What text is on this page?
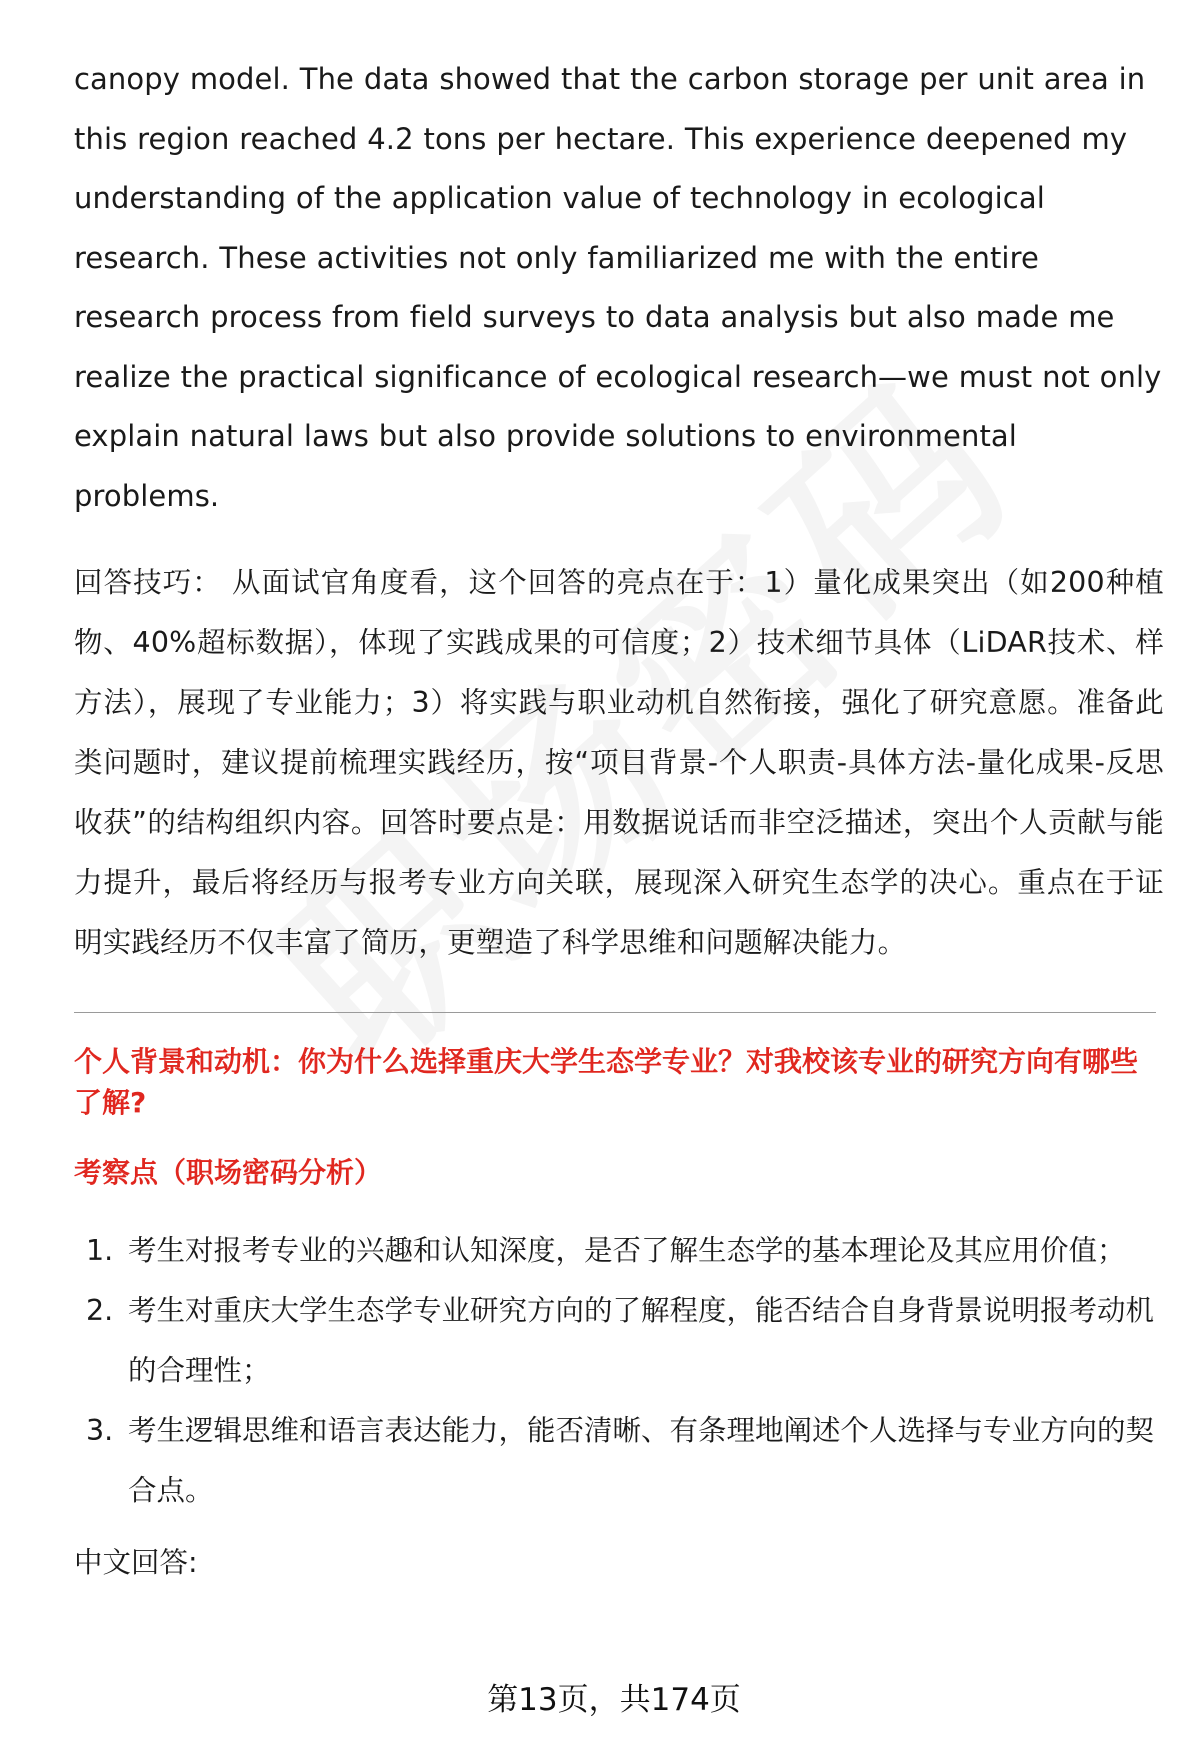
canopy model. The data showed that the carbon storage per unit area in this region reached 4.2 tons per hectare. This experience deepened my understanding of the application value of technology in ecological research. These activities not only familiarized me with the entire research process from field surveys to data analysis but also made me realize the practical significance of ecological research—we must not only explain natural laws but also provide solutions to environmental problems.

回答技巧： 从面试官角度看，这个回答的亮点在于：1）量化成果突出（如200种植物、40%超标数据），体现了实践成果的可信度；2）技术细节具体（LiDAR技术、样方法），展现了专业能力；3）将实践与职业动机自然衔接，强化了研究意愿。准备此类问题时，建议提前梳理实践经历，按“项目背景-个人职责-具体方法-量化成果-反思收获”的结构组织内容。回答时要点是：用数据说话而非空泛描述，突出个人贡献与能力提升，最后将经历与报考专业方向关联，展现深入研究生态学的决心。重点在于证明实践经历不仅丰富了简历，更塑造了科学思维和问题解决能力。

个人背景和动机：你为什么选择重庆大学生态学专业？对我校该专业的研究方向有哪些了解?
考察点（职场密码分析）
1. 考生对报考专业的兴趣和认知深度，是否了解生态学的基本理论及其应用价值；
2. 考生对重庆大学生态学专业研究方向的了解程度，能否结合自身背景说明报考动机的合理性；
3. 考生逻辑思维和语言表达能力，能否清晰、有条理地阐述个人选择与专业方向的契合点。
中文回答:
第13页，共174页
